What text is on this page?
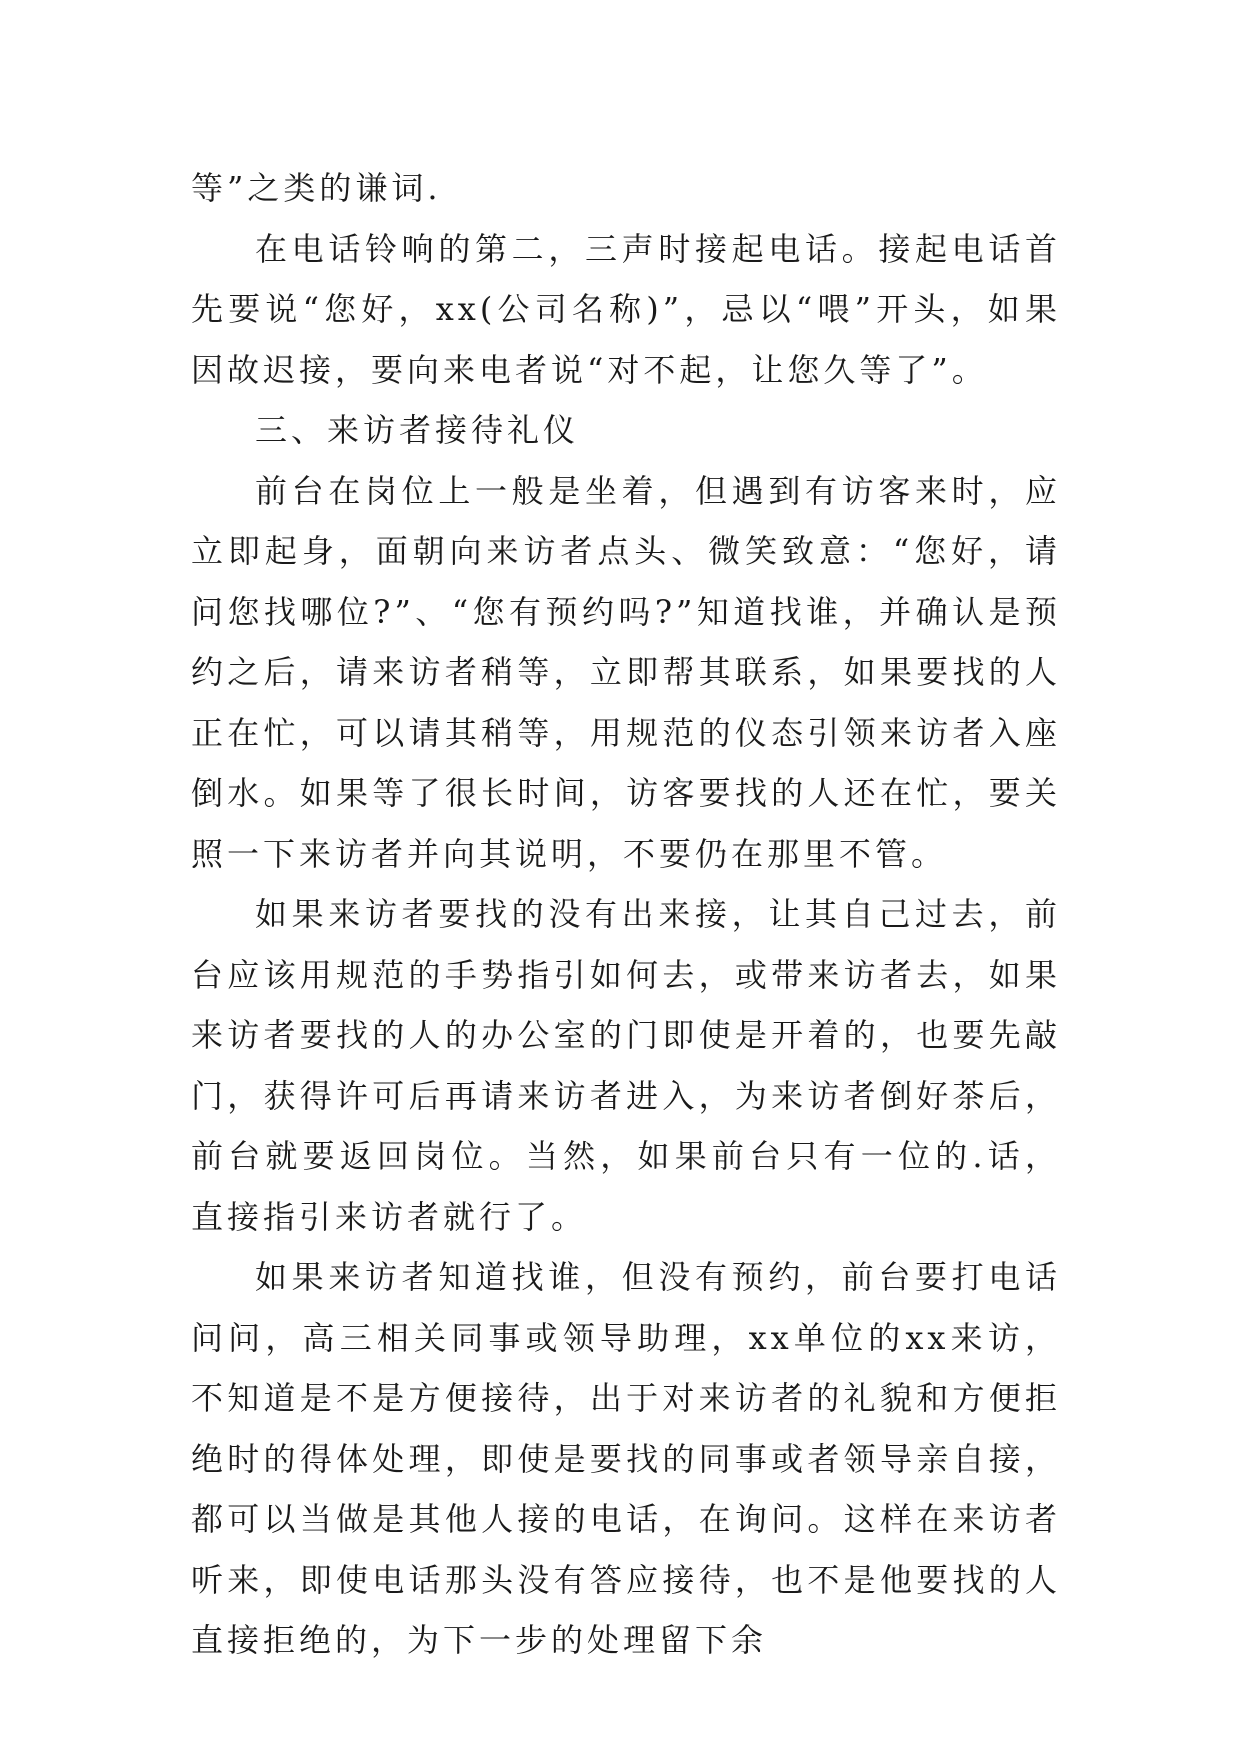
等”之类的谦词.

在电话铃响的第二，三声时接起电话。接起电话首先要说“您好，xx(公司名称)”，忌以“喂”开头，如果因故迟接，要向来电者说“对不起，让您久等了”。

三、来访者接待礼仪

前台在岗位上一般是坐着，但遇到有访客来时，应立即起身，面朝向来访者点头、微笑致意：“您好，请问您找哪位?”、“您有预约吗?”知道找谁，并确认是预约之后，请来访者稍等，立即帮其联系，如果要找的人正在忙，可以请其稍等，用规范的仪态引领来访者入座倒水。如果等了很长时间，访客要找的人还在忙，要关照一下来访者并向其说明，不要仍在那里不管。

如果来访者要找的没有出来接，让其自己过去，前台应该用规范的手势指引如何去，或带来访者去，如果来访者要找的人的办公室的门即使是开着的，也要先敲门，获得许可后再请来访者进入，为来访者倒好茶后，前台就要返回岗位。当然，如果前台只有一位的.话，直接指引来访者就行了。

如果来访者知道找谁，但没有预约，前台要打电话问问，高三相关同事或领导助理，xx单位的xx来访，不知道是不是方便接待，出于对来访者的礼貌和方便拒绝时的得体处理，即使是要找的同事或者领导亲自接，都可以当做是其他人接的电话，在询问。这样在来访者听来，即使电话那头没有答应接待，也不是他要找的人直接拒绝的，为下一步的处理留下余
